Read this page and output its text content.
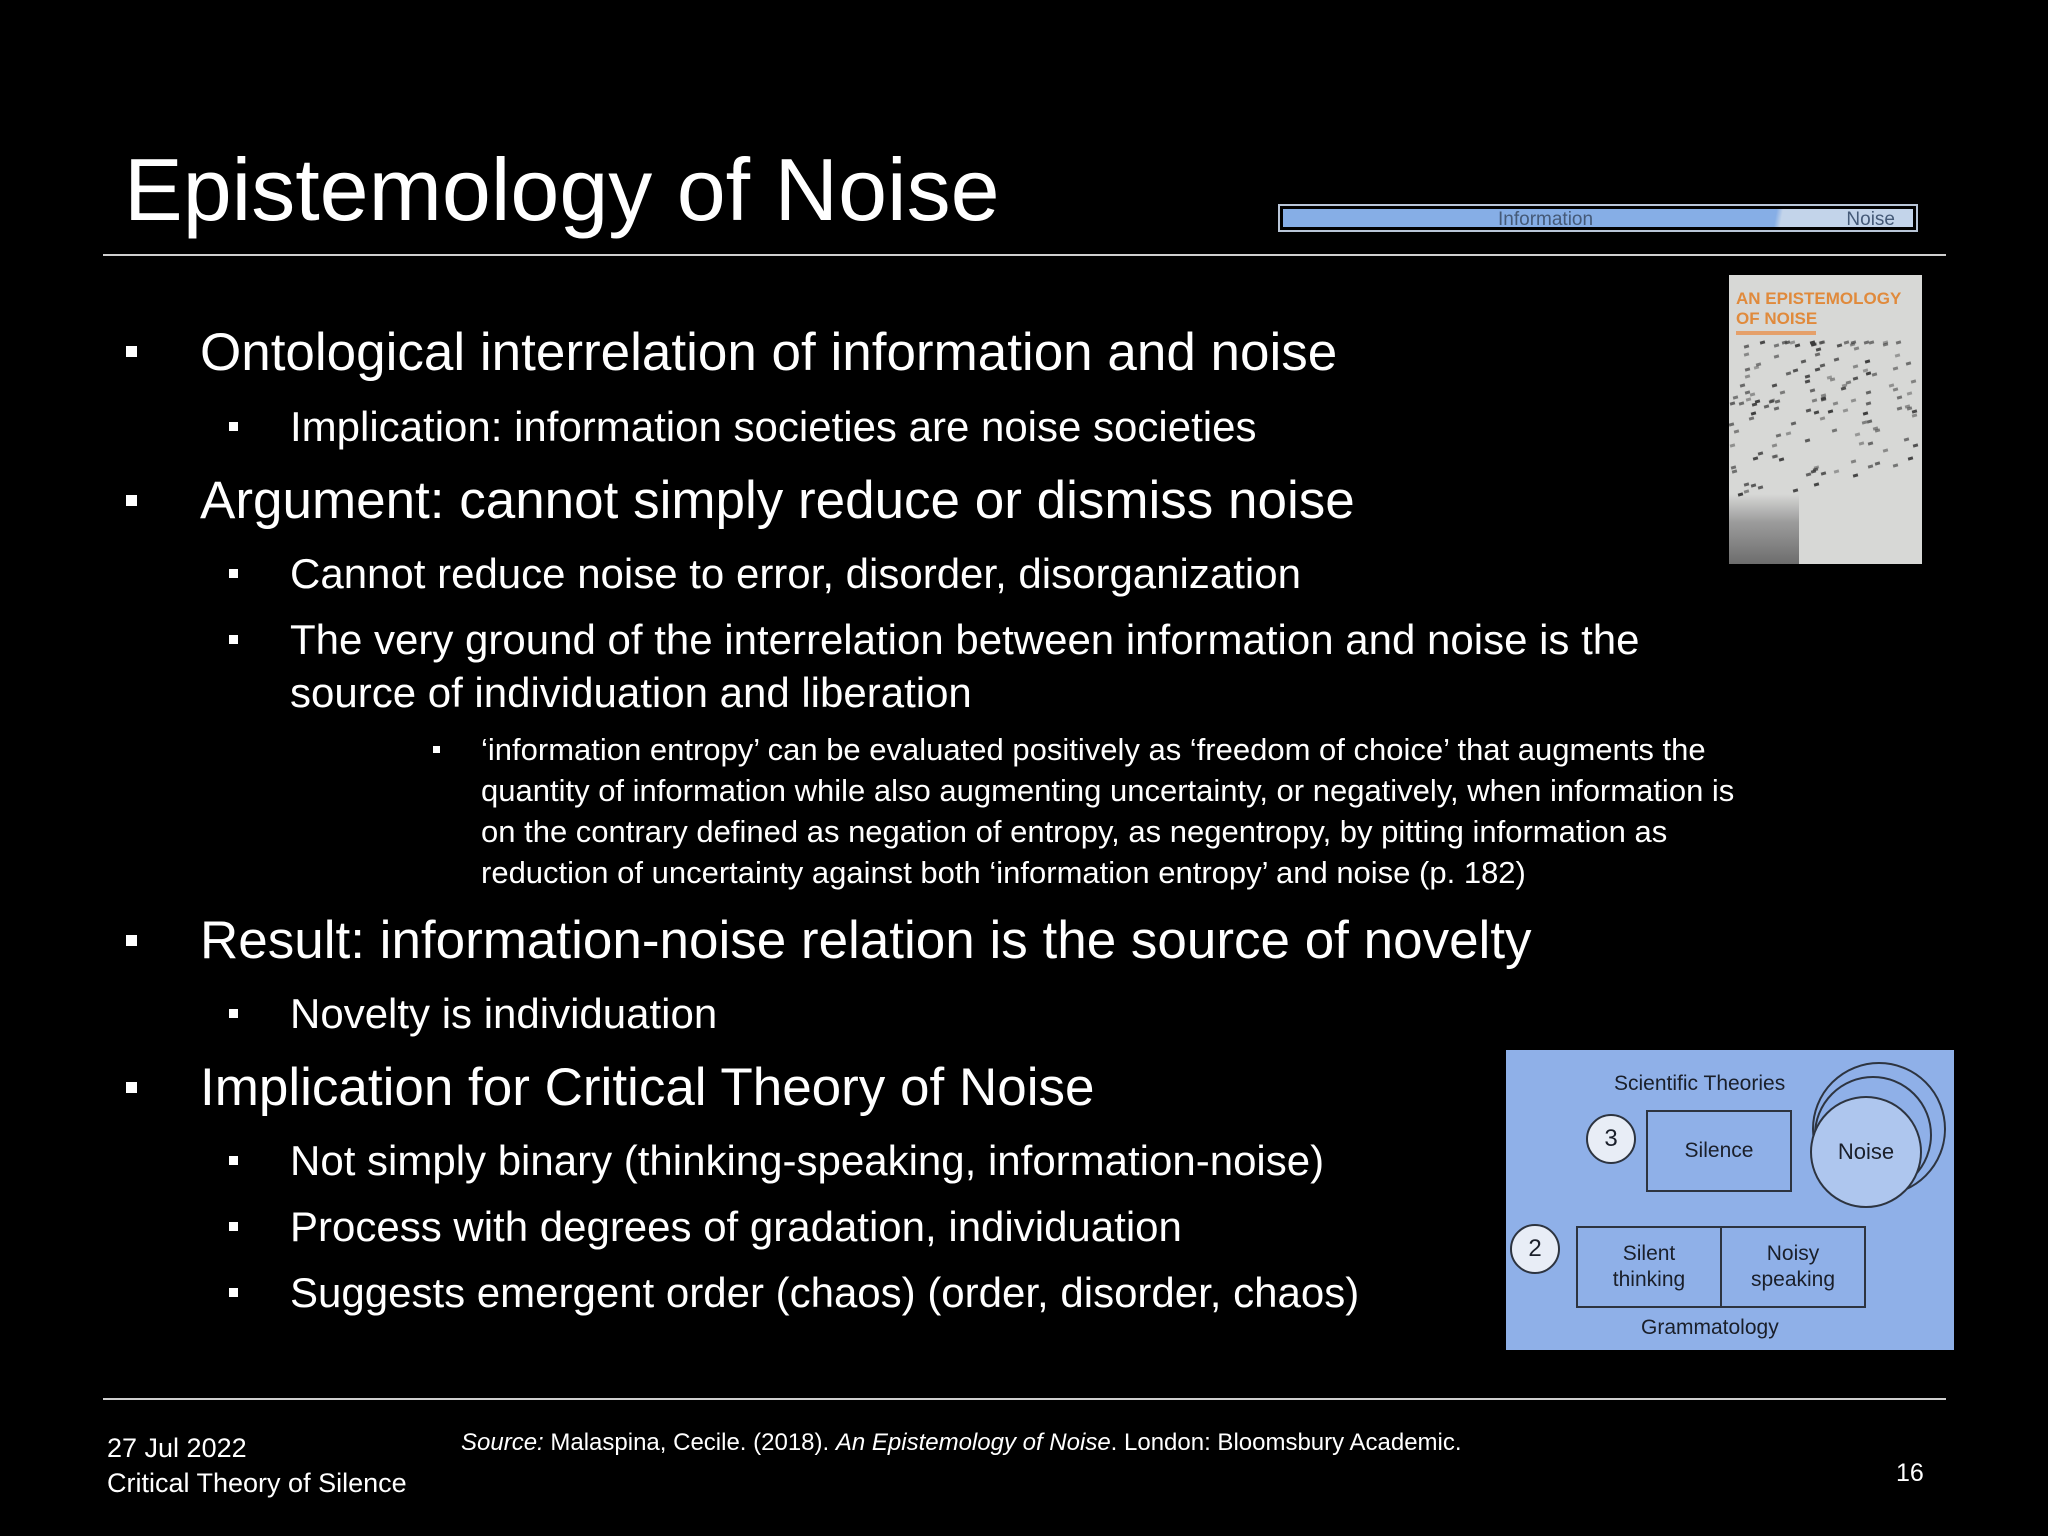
Epistemology of Noise	Information	Noise
AN EPISTEMOLOGY OF NOISE
Ontological interrelation of information and noise
Implication: information societies are noise societies
Argument: cannot simply reduce or dismiss noise
Cannot reduce noise to error, disorder, disorganization
The very ground of the interrelation between information and noise is the
source of individuation and liberation
‘information entropy’ can be evaluated positively as ‘freedom of choice’ that augments the
quantity of information while also augmenting uncertainty, or negatively, when information is
on the contrary defined as negation of entropy, as negentropy, by pitting information as
reduction of uncertainty against both ‘information entropy’ and noise (p. 182)
Result: information-noise relation is the source of novelty
Novelty is individuation
Implication for Critical Theory of Noise
Not simply binary (thinking-speaking, information-noise)
Process with degrees of gradation, individuation
Suggests emergent order (chaos) (order, disorder, chaos)
Scientific Theories
3	Silence	Noise
2	Silent
thinking
Noisy
speaking
Grammatology
27 Jul 2022
Critical Theory of Silence
Source: Malaspina, Cecile. (2018). An Epistemology of Noise. London: Bloomsbury Academic.
16
